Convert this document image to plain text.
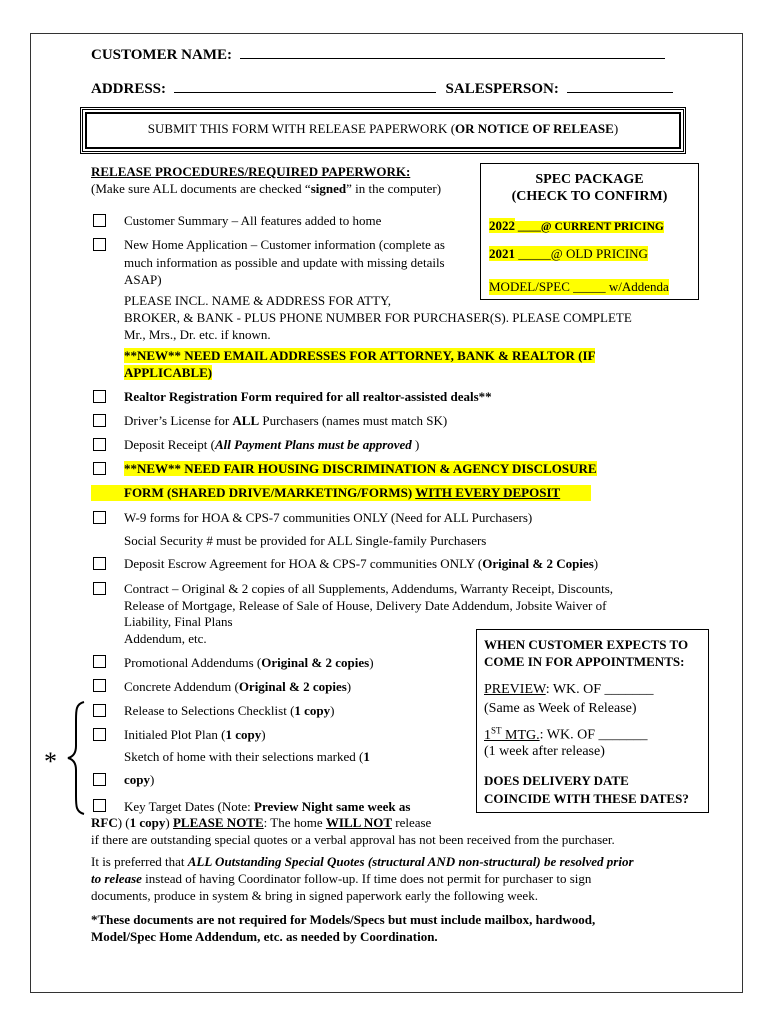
CUSTOMER NAME:
ADDRESS:	SALESPERSON:
SUBMIT THIS FORM WITH RELEASE PAPERWORK (OR NOTICE OF RELEASE)
RELEASE PROCEDURES/REQUIRED PAPERWORK:
(Make sure ALL documents are checked “signed” in the computer)
SPEC PACKAGE
(CHECK TO CONFIRM)
2022 ____@ CURRENT PRICING
2021 _____@ OLD PRICING
MODEL/SPEC _____ w/Addenda
Customer Summary – All features added to home
New Home Application – Customer information (complete as
much information as possible and update with missing details
ASAP)
PLEASE INCL. NAME & ADDRESS FOR ATTY,
BROKER, & BANK - PLUS PHONE NUMBER FOR PURCHASER(S). PLEASE COMPLETE
Mr., Mrs., Dr. etc. if known.
**NEW** NEED EMAIL ADDRESSES FOR ATTORNEY, BANK & REALTOR (IF
APPLICABLE)
Realtor Registration Form required for all realtor-assisted deals**
Driver’s License for ALL Purchasers (names must match SK)
Deposit Receipt (All Payment Plans must be approved )
**NEW** NEED FAIR HOUSING DISCRIMINATION & AGENCY DISCLOSURE
FORM (SHARED DRIVE/MARKETING/FORMS) WITH EVERY DEPOSIT
W-9 forms for HOA & CPS-7 communities ONLY (Need for ALL Purchasers)
Social Security # must be provided for ALL Single-family Purchasers
Deposit Escrow Agreement for HOA & CPS-7 communities ONLY (Original & 2 Copies)
Contract – Original & 2 copies of all Supplements, Addendums, Warranty Receipt, Discounts,
Release of Mortgage, Release of Sale of House, Delivery Date Addendum, Jobsite Waiver of
Liability, Final Plans
Addendum, etc.
Promotional Addendums (Original & 2 copies)
Concrete Addendum (Original & 2 copies)
Release to Selections Checklist (1 copy)
Initialed Plot Plan (1 copy)
Sketch of home with their selections marked (1
copy)
Key Target Dates (Note: Preview Night same week as
RFC) (1 copy) PLEASE NOTE: The home WILL NOT release
if there are outstanding special quotes or a verbal approval has not been received from the purchaser.
*
WHEN CUSTOMER EXPECTS TO
COME IN FOR APPOINTMENTS:
PREVIEW: WK. OF _______
(Same as Week of Release)
1ST MTG.: WK. OF _______
(1 week after release)
DOES DELIVERY DATE
COINCIDE WITH THESE DATES?
It is preferred that ALL Outstanding Special Quotes (structural AND non-structural) be resolved prior
to release instead of having Coordinator follow-up. If time does not permit for purchaser to sign
documents, produce in system & bring in signed paperwork early the following week.
*These documents are not required for Models/Specs but must include mailbox, hardwood,
Model/Spec Home Addendum, etc. as needed by Coordination.
